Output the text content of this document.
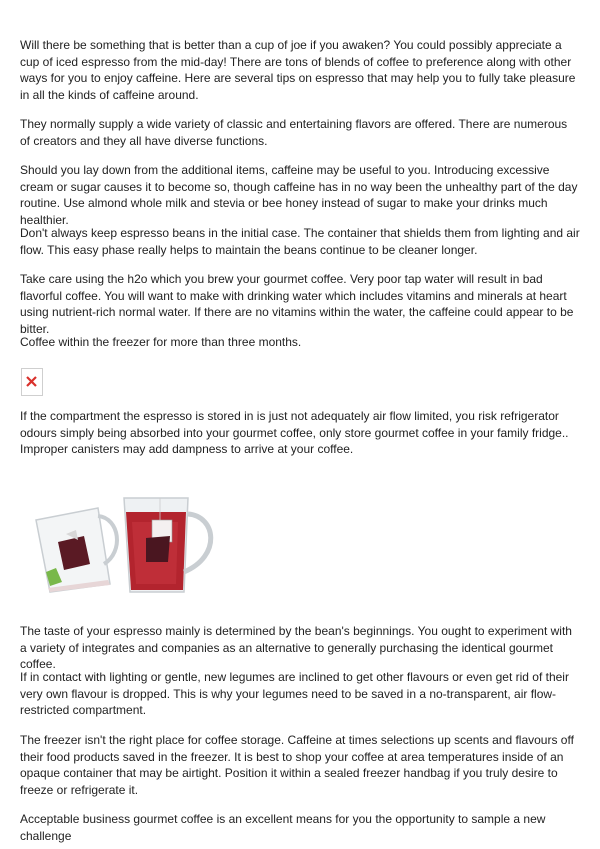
Will there be something that is better than a cup of joe if you awaken? You could possibly appreciate a cup of iced espresso from the mid-day! There are tons of blends of coffee to preference along with other ways for you to enjoy caffeine. Here are several tips on espresso that may help you to fully take pleasure in all the kinds of caffeine around.

They normally supply a wide variety of classic and entertaining flavors are offered. There are numerous of creators and they all have diverse functions.

Should you lay down from the additional items, caffeine may be useful to you. Introducing excessive cream or sugar causes it to become so, though caffeine has in no way been the unhealthy part of the day routine. Use almond whole milk and stevia or bee honey instead of sugar to make your drinks much healthier.

Don't always keep espresso beans in the initial case. The container that shields them from lighting and air flow. This easy phase really helps to maintain the beans continue to be cleaner longer.

Take care using the h2o which you brew your gourmet coffee. Very poor tap water will result in bad flavorful coffee. You will want to make with drinking water which includes vitamins and minerals at heart using nutrient-rich normal water. If there are no vitamins within the water, the caffeine could appear to be bitter.

Coffee within the freezer for more than three months.

If the compartment the espresso is stored in is just not adequately air flow limited, you risk refrigerator odours simply being absorbed into your gourmet coffee, only store gourmet coffee in your family fridge.. Improper canisters may add dampness to arrive at your coffee.

The taste of your espresso mainly is determined by the bean's beginnings. You ought to experiment with a variety of integrates and companies as an alternative to generally purchasing the identical gourmet coffee.

If in contact with lighting or gentle, new legumes are inclined to get other flavours or even get rid of their very own flavour is dropped. This is why your legumes need to be saved in a no-transparent, air flow-restricted compartment.

The freezer isn't the right place for coffee storage. Caffeine at times selections up scents and flavours off their food products saved in the freezer. It is best to shop your coffee at area temperatures inside of an opaque container that may be airtight. Position it within a sealed freezer handbag if you truly desire to freeze or refrigerate it.

Acceptable business gourmet coffee is an excellent means for you the opportunity to sample a new challenge
